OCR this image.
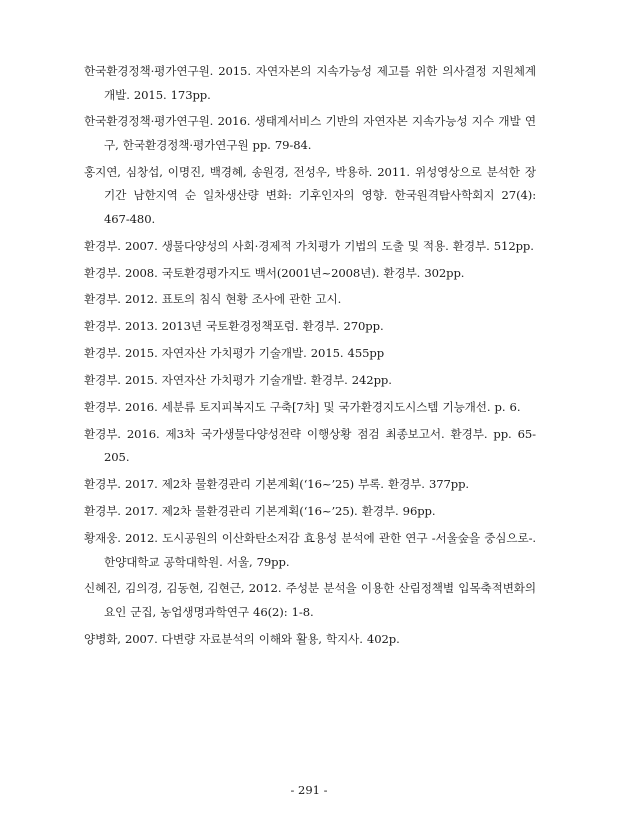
한국환경정책·평가연구원. 2015. 자연자본의 지속가능성 제고를 위한 의사결정 지원체계 개발. 2015. 173pp.
한국환경정책·평가연구원. 2016. 생태계서비스 기반의 자연자본 지속가능성 지수 개발 연구, 한국환경정책·평가연구원 pp. 79-84.
홍지연, 심창섭, 이명진, 백경혜, 송원경, 전성우, 박용하. 2011. 위성영상으로 분석한 장기간 남한지역 순 일차생산량 변화: 기후인자의 영향. 한국원격탐사학회지 27(4): 467-480.
환경부. 2007. 생물다양성의 사회·경제적 가치평가 기법의 도출 및 적용. 환경부. 512pp.
환경부. 2008. 국토환경평가지도 백서(2001년~2008년). 환경부. 302pp.
환경부. 2012. 표토의 침식 현황 조사에 관한 고시.
환경부. 2013. 2013년 국토환경정책포럼. 환경부. 270pp.
환경부. 2015. 자연자산 가치평가 기술개발. 2015. 455pp
환경부. 2015. 자연자산 가치평가 기술개발. 환경부. 242pp.
환경부. 2016. 세분류 토지피복지도 구축[7차] 및 국가환경지도시스템 기능개선. p. 6.
환경부. 2016. 제3차 국가생물다양성전략 이행상황 점검 최종보고서. 환경부. pp. 65-205.
환경부. 2017. 제2차 물환경관리 기본계획(‘16~’25) 부록. 환경부. 377pp.
환경부. 2017. 제2차 물환경관리 기본계획(‘16~’25). 환경부. 96pp.
황재웅. 2012. 도시공원의 이산화탄소저감 효용성 분석에 관한 연구 -서울숲을 중심으로-. 한양대학교 공학대학원. 서울, 79pp.
신혜진, 김의경, 김동현, 김현근, 2012. 주성분 분석을 이용한 산림정책별 입목축적변화의 요인 군집, 농업생명과학연구 46(2): 1-8.
양병화, 2007. 다변량 자료분석의 이해와 활용, 학지사. 402p.
- 291 -
